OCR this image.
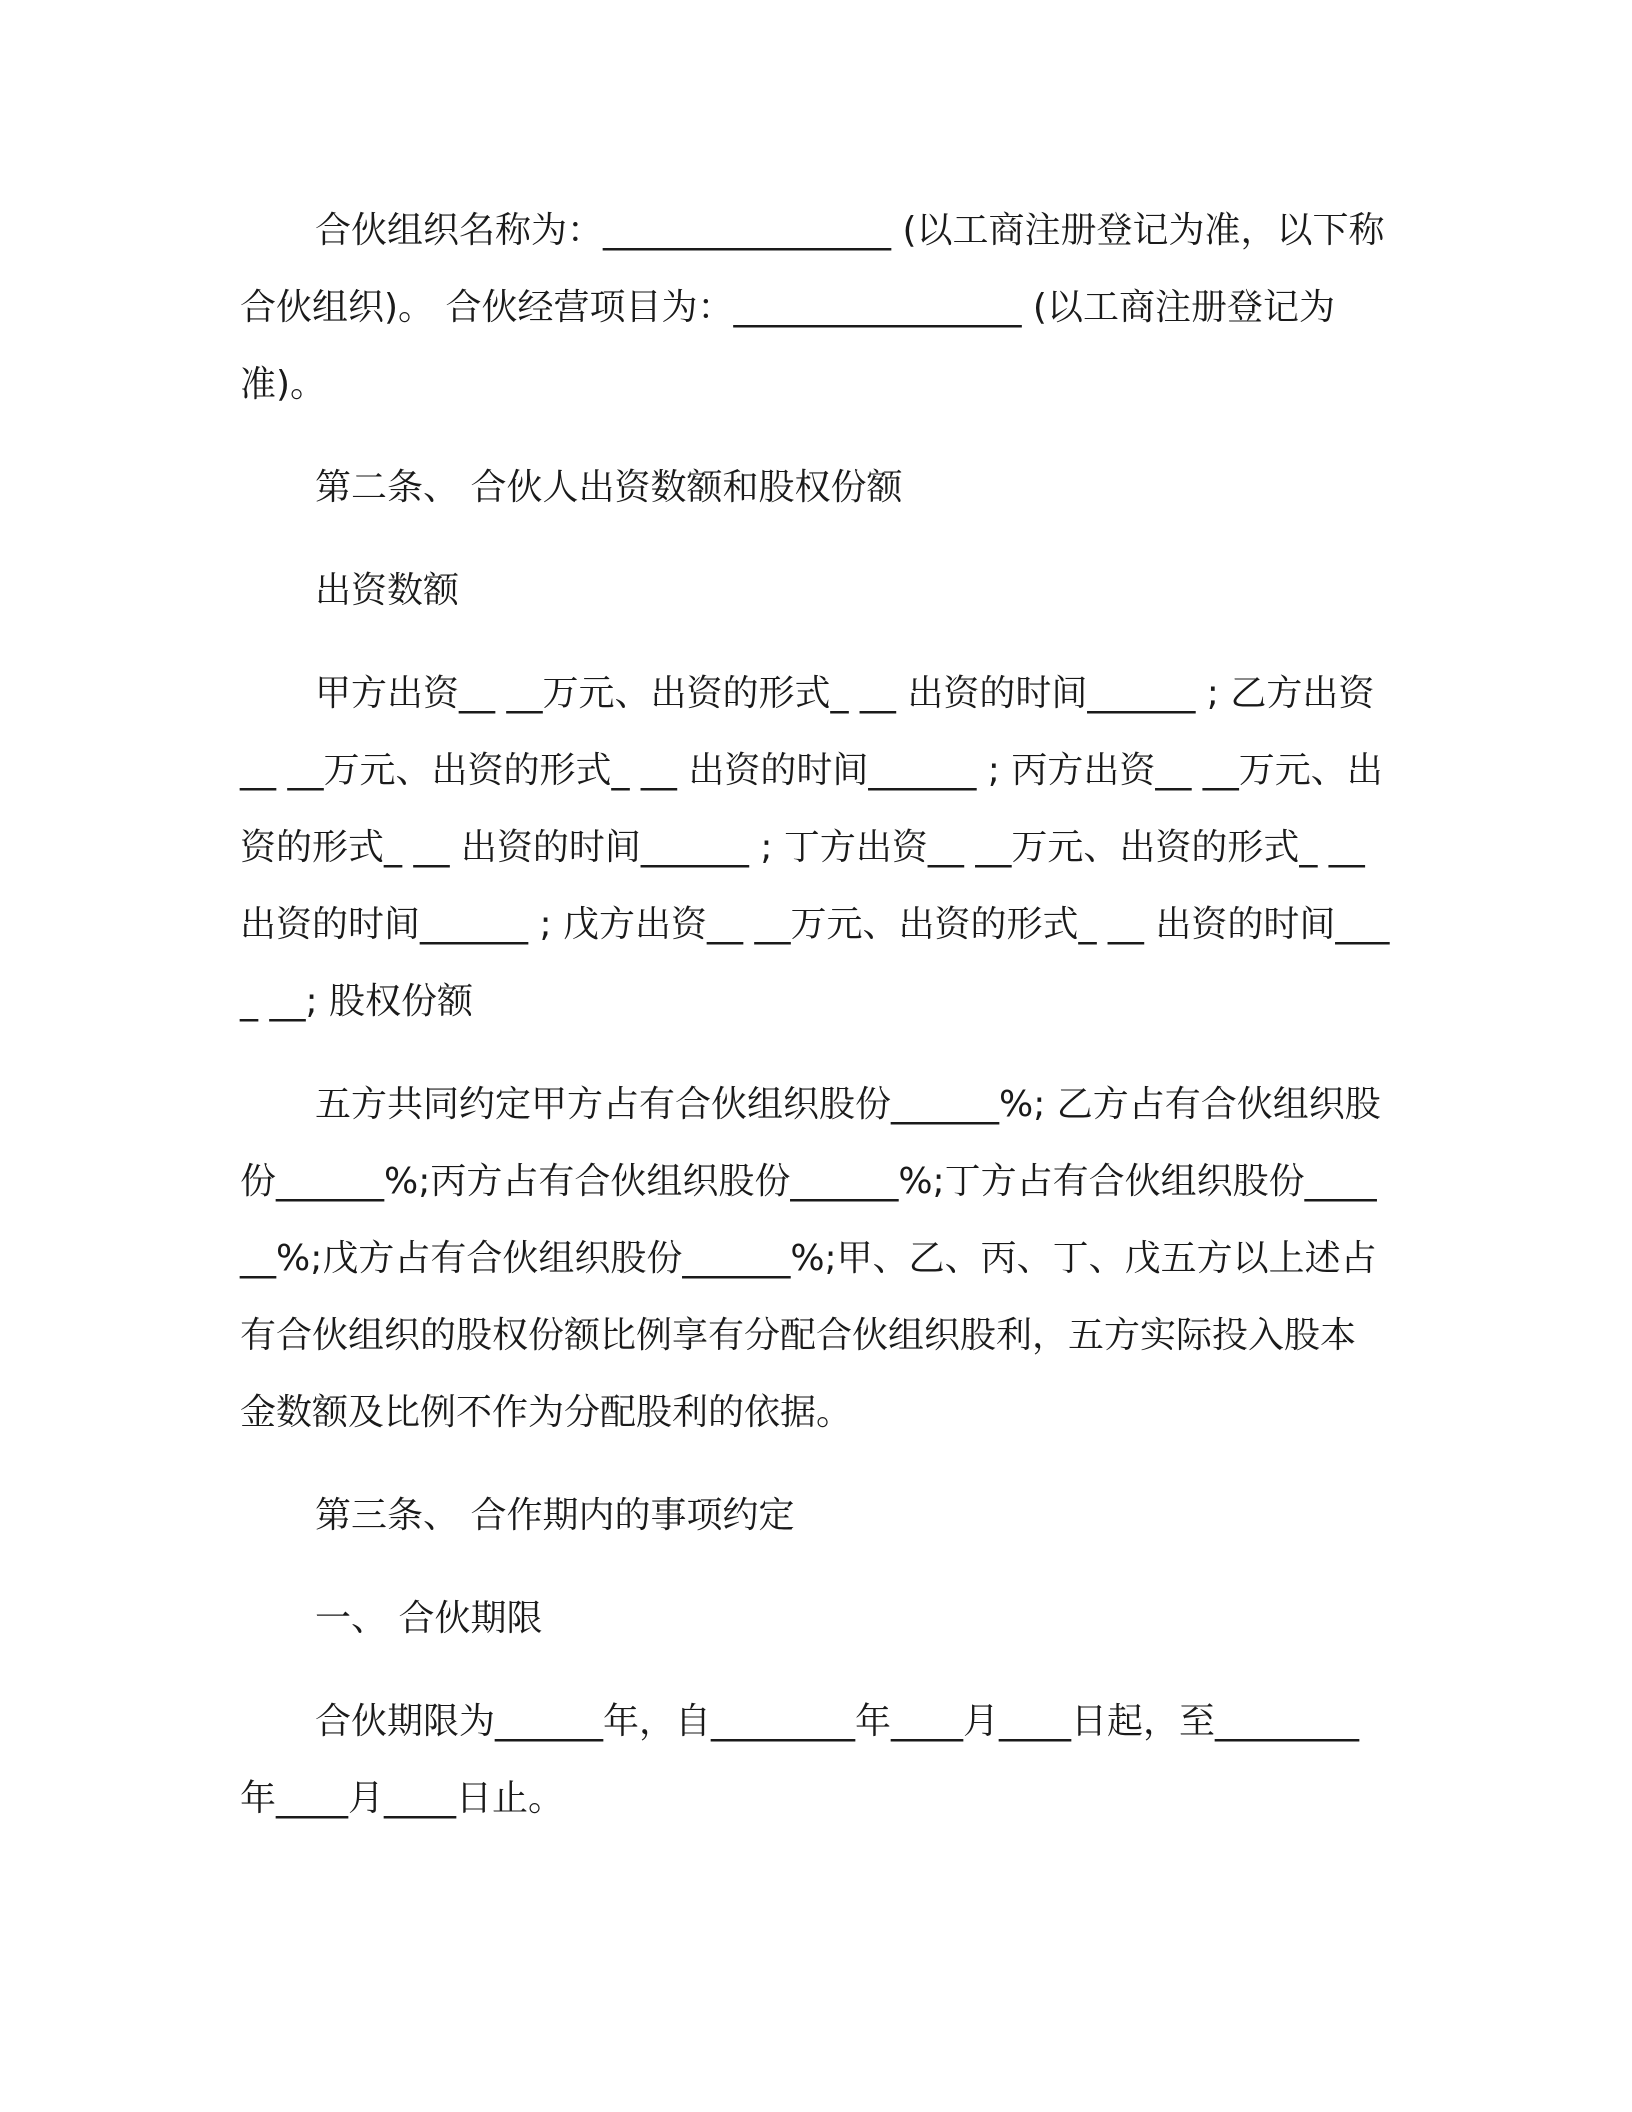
合伙组织名称为：________________ (以工商注册登记为准，以下称合伙组织)。 合伙经营项目为：________________ (以工商注册登记为准)。

第二条、 合伙人出资数额和股权份额

出资数额

甲方出资__ __万元、出资的形式_ __ 出资的时间______ ; 乙方出资__ __万元、出资的形式_ __ 出资的时间______ ; 丙方出资__ __万元、出资的形式_ __ 出资的时间______ ; 丁方出资__ __万元、出资的形式_ __ 出资的时间______ ; 戊方出资__ __万元、出资的形式_ __ 出资的时间____ __; 股权份额

五方共同约定甲方占有合伙组织股份______%; 乙方占有合伙组织股份______%;丙方占有合伙组织股份______%;丁方占有合伙组织股份______%;戊方占有合伙组织股份______%;甲、乙、丙、丁、戊五方以上述占有合伙组织的股权份额比例享有分配合伙组织股利，五方实际投入股本金数额及比例不作为分配股利的依据。

第三条、 合作期内的事项约定

一、 合伙期限

合伙期限为______年，自________年____月____日起，至________年____月____日止。
